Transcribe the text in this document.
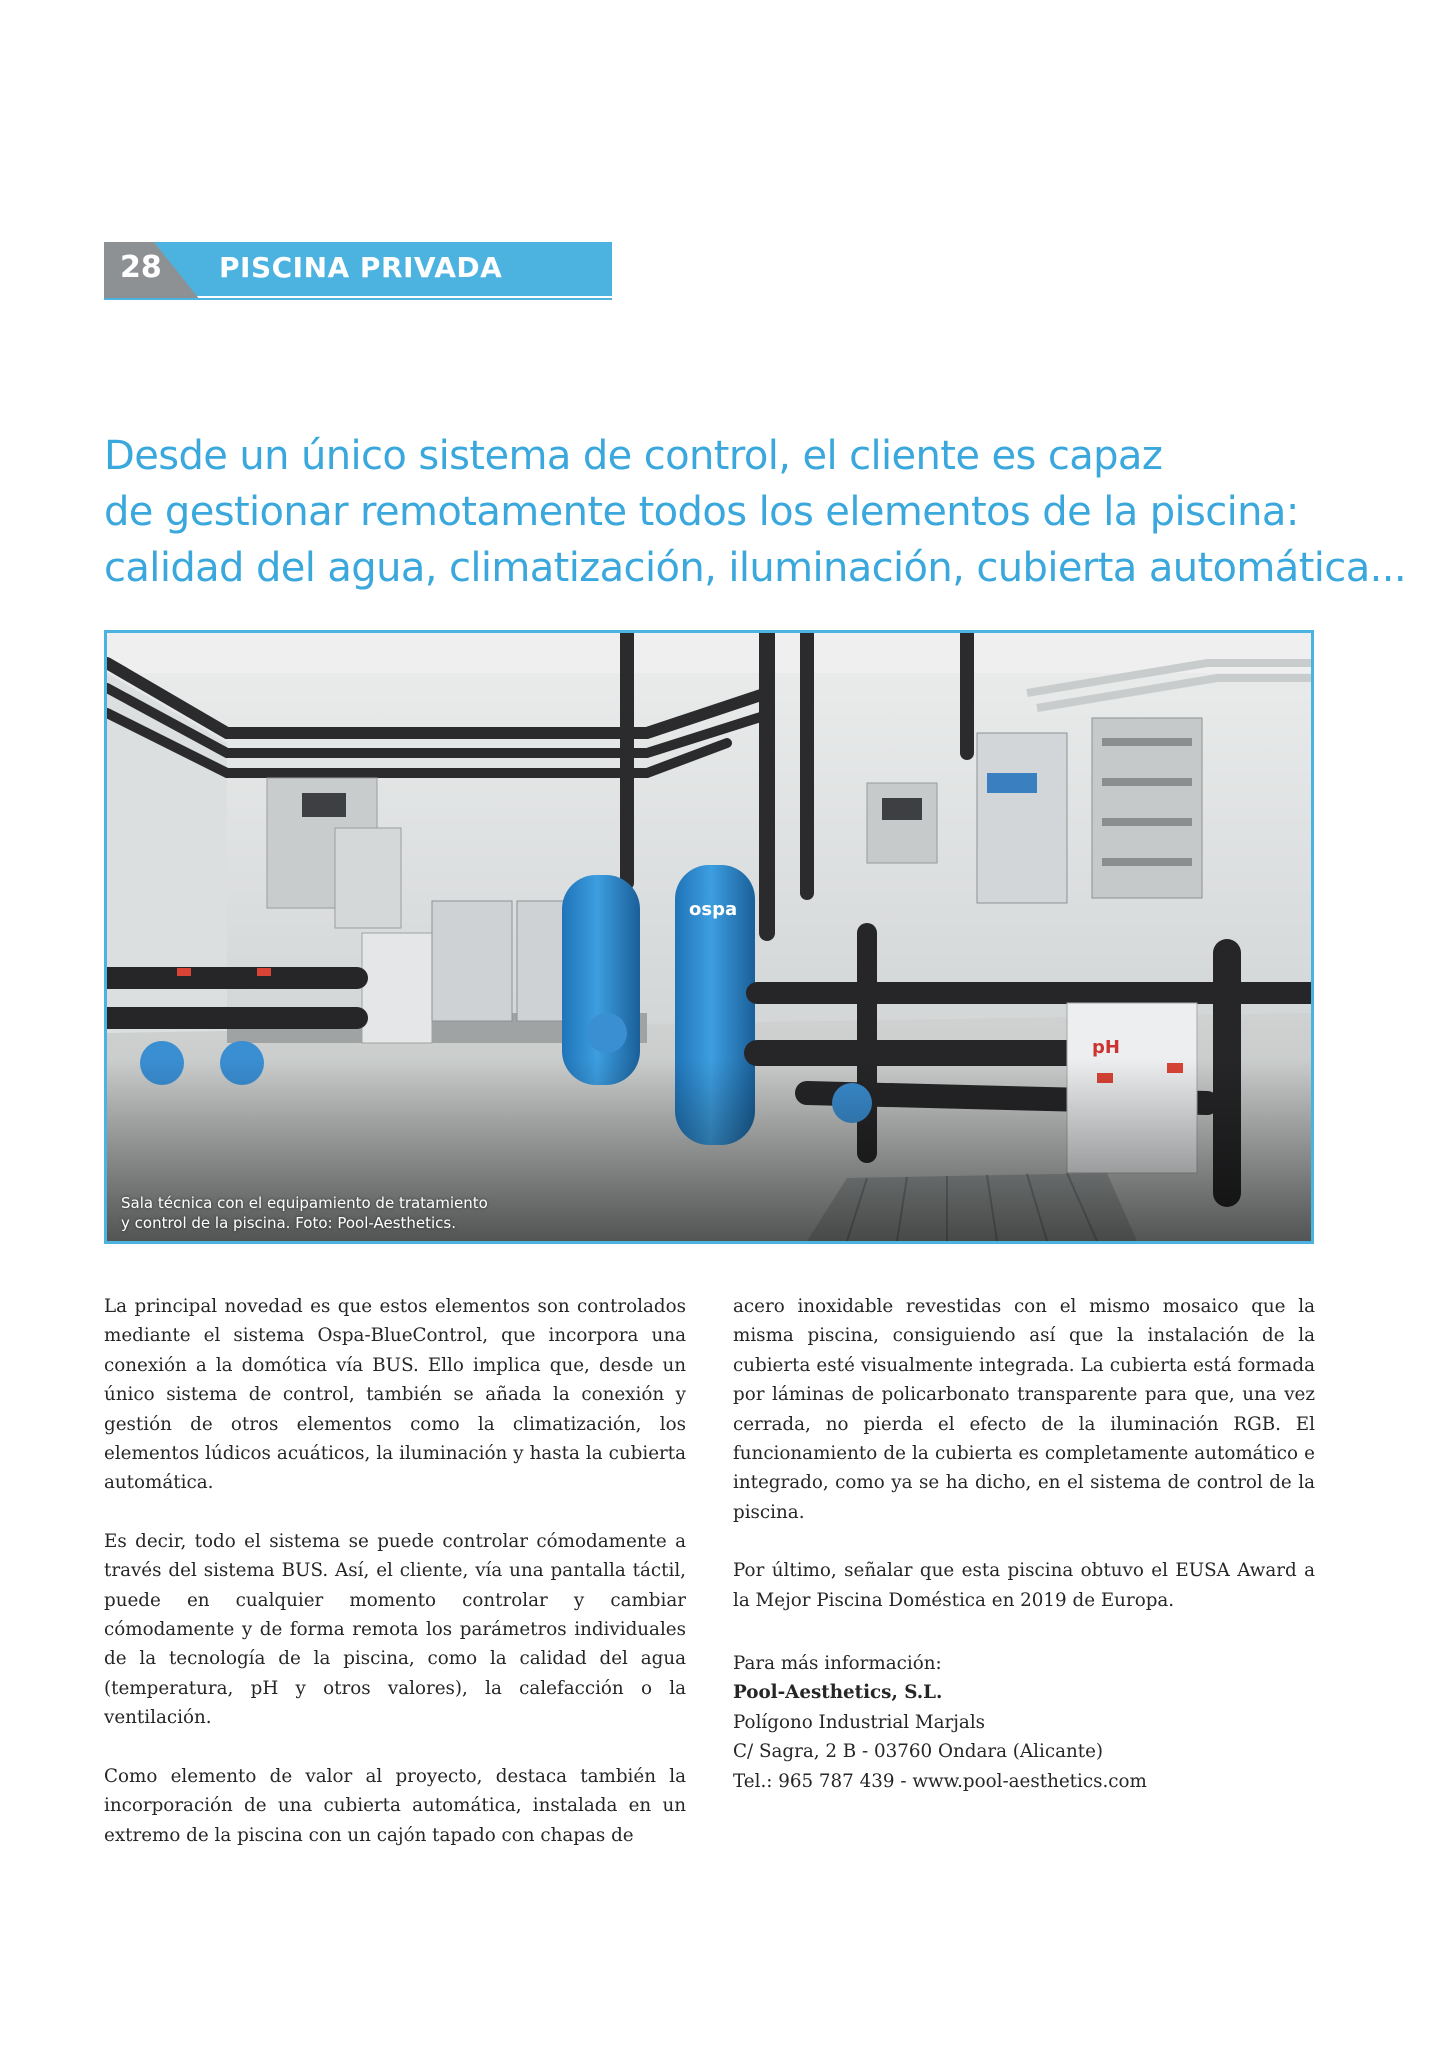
28 PISCINA PRIVADA
Desde un único sistema de control, el cliente es capaz
de gestionar remotamente todos los elementos de la piscina:
calidad del agua, climatización, iluminación, cubierta automática...
Sala técnica con el equipamiento de tratamiento
y control de la piscina. Foto: Pool-Aesthetics.

La principal novedad es que estos elementos son controlados mediante el sistema Ospa-BlueControl, que incorpora una conexión a la domótica vía BUS. Ello implica que, desde un único sistema de control, también se añada la conexión y gestión de otros elementos como la climatización, los elementos lúdicos acuáticos, la iluminación y hasta la cubierta automática.

Es decir, todo el sistema se puede controlar cómodamente a través del sistema BUS. Así, el cliente, vía una pantalla táctil, puede en cualquier momento controlar y cambiar cómodamente y de forma remota los parámetros individuales de la tecnología de la piscina, como la calidad del agua (temperatura, pH y otros valores), la calefacción o la ventilación.

Como elemento de valor al proyecto, destaca también la incorporación de una cubierta automática, instalada en un extremo de la piscina con un cajón tapado con chapas de

acero inoxidable revestidas con el mismo mosaico que la misma piscina, consiguiendo así que la instalación de la cubierta esté visualmente integrada. La cubierta está formada por láminas de policarbonato transparente para que, una vez cerrada, no pierda el efecto de la iluminación RGB. El funcionamiento de la cubierta es completamente automático e integrado, como ya se ha dicho, en el sistema de control de la piscina.

Por último, señalar que esta piscina obtuvo el EUSA Award a la Mejor Piscina Doméstica en 2019 de Europa.

Para más información:
Pool-Aesthetics, S.L.
Polígono Industrial Marjals
C/ Sagra, 2 B - 03760 Ondara (Alicante)
Tel.: 965 787 439 - www.pool-aesthetics.com
